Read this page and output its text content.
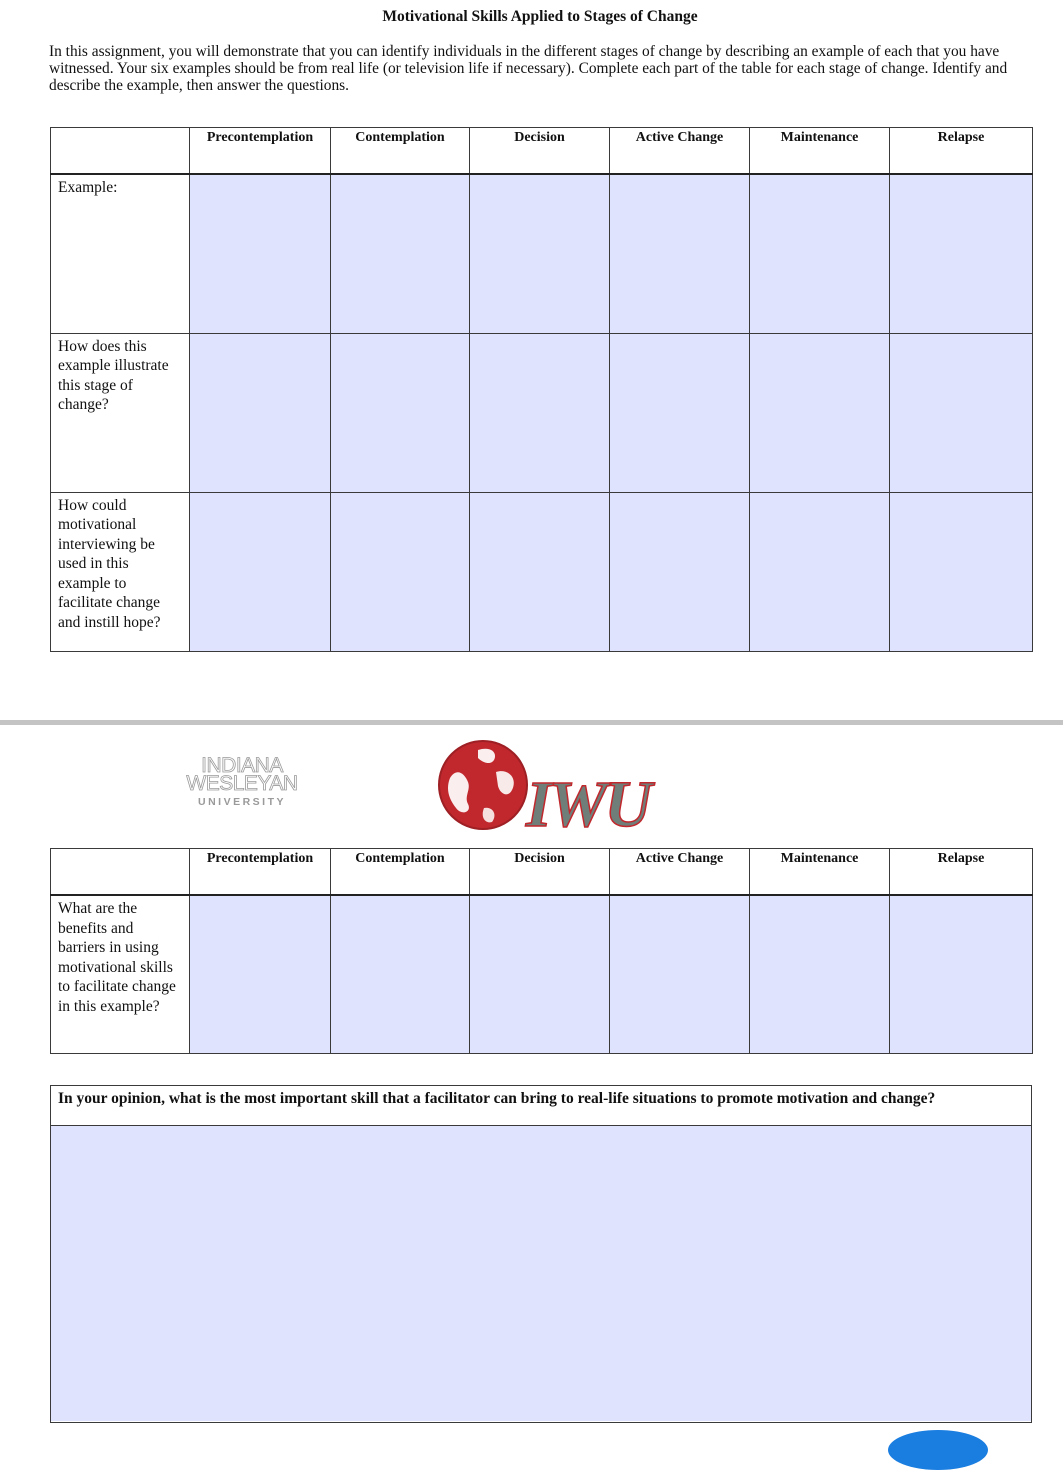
Motivational Skills Applied to Stages of Change
In this assignment, you will demonstrate that you can identify individuals in the different stages of change by describing an example of each that you have witnessed. Your six examples should be from real life (or television life if necessary). Complete each part of the table for each stage of change. Identify and describe the example, then answer the questions.
	Precontemplation	Contemplation	Decision	Active Change	Maintenance	Relapse
Example:						
How does this example illustrate this stage of change?						
How could motivational interviewing be used in this example to facilitate change and instill hope?						
INDIANA
WESLEYAN
UNIVERSITY	IWU
	Precontemplation	Contemplation	Decision	Active Change	Maintenance	Relapse
What are the benefits and barriers in using motivational skills to facilitate change in this example?						
In your opinion, what is the most important skill that a facilitator can bring to real-life situations to promote motivation and change?
